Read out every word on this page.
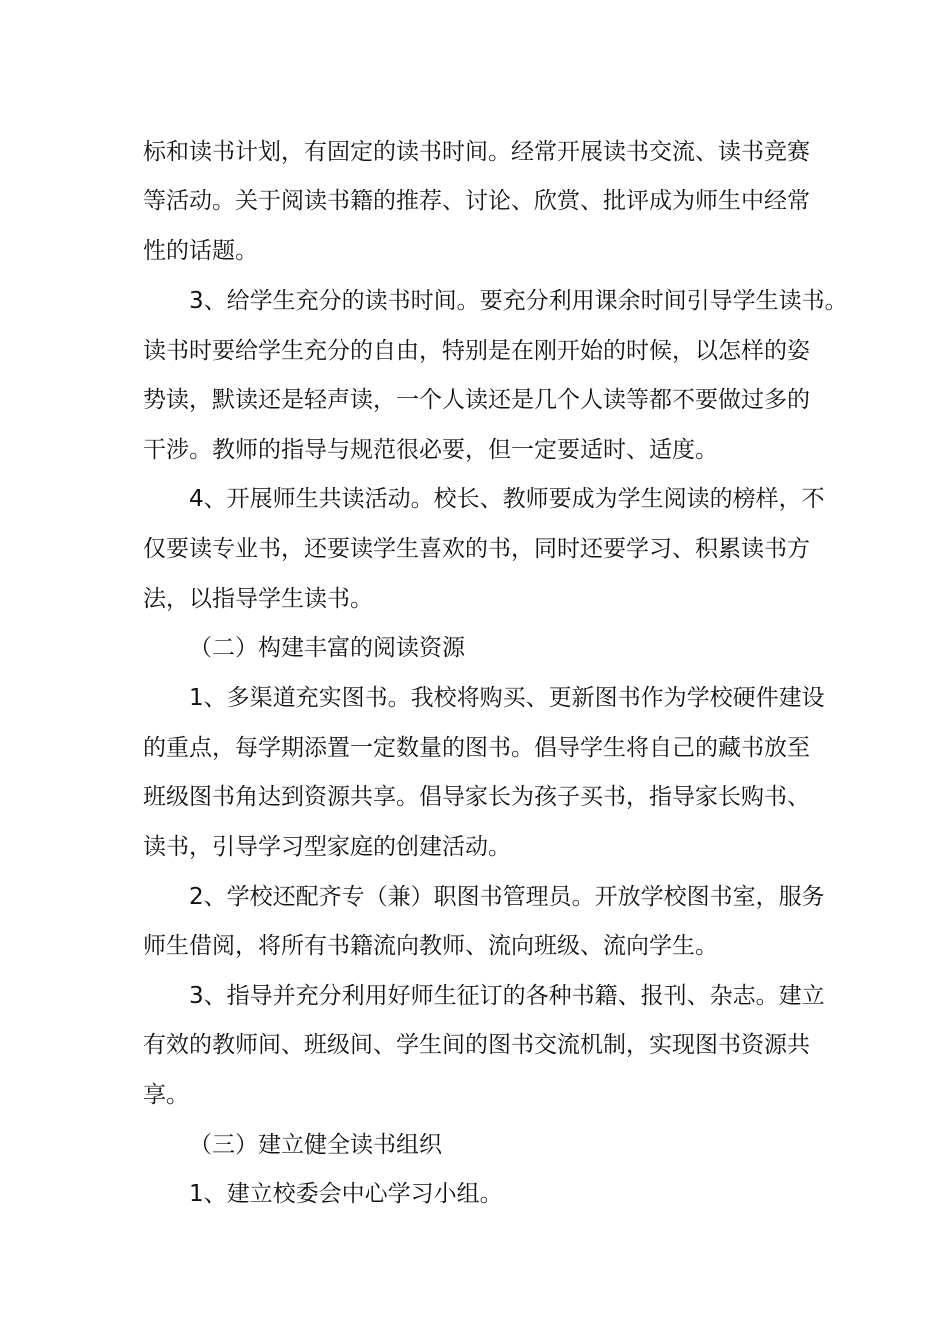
标和读书计划，有固定的读书时间。经常开展读书交流、读书竞赛
等活动。关于阅读书籍的推荐、讨论、欣赏、批评成为师生中经常
性的话题。
3、给学生充分的读书时间。要充分利用课余时间引导学生读书。
读书时要给学生充分的自由，特别是在刚开始的时候，以怎样的姿
势读，默读还是轻声读，一个人读还是几个人读等都不要做过多的
干涉。教师的指导与规范很必要，但一定要适时、适度。
4、开展师生共读活动。校长、教师要成为学生阅读的榜样，不
仅要读专业书，还要读学生喜欢的书，同时还要学习、积累读书方
法，以指导学生读书。
（二）构建丰富的阅读资源
1、多渠道充实图书。我校将购买、更新图书作为学校硬件建设
的重点，每学期添置一定数量的图书。倡导学生将自己的藏书放至
班级图书角达到资源共享。倡导家长为孩子买书，指导家长购书、
读书，引导学习型家庭的创建活动。
2、学校还配齐专（兼）职图书管理员。开放学校图书室，服务
师生借阅，将所有书籍流向教师、流向班级、流向学生。
3、指导并充分利用好师生征订的各种书籍、报刊、杂志。建立
有效的教师间、班级间、学生间的图书交流机制，实现图书资源共
享。
（三）建立健全读书组织
1、建立校委会中心学习小组。
